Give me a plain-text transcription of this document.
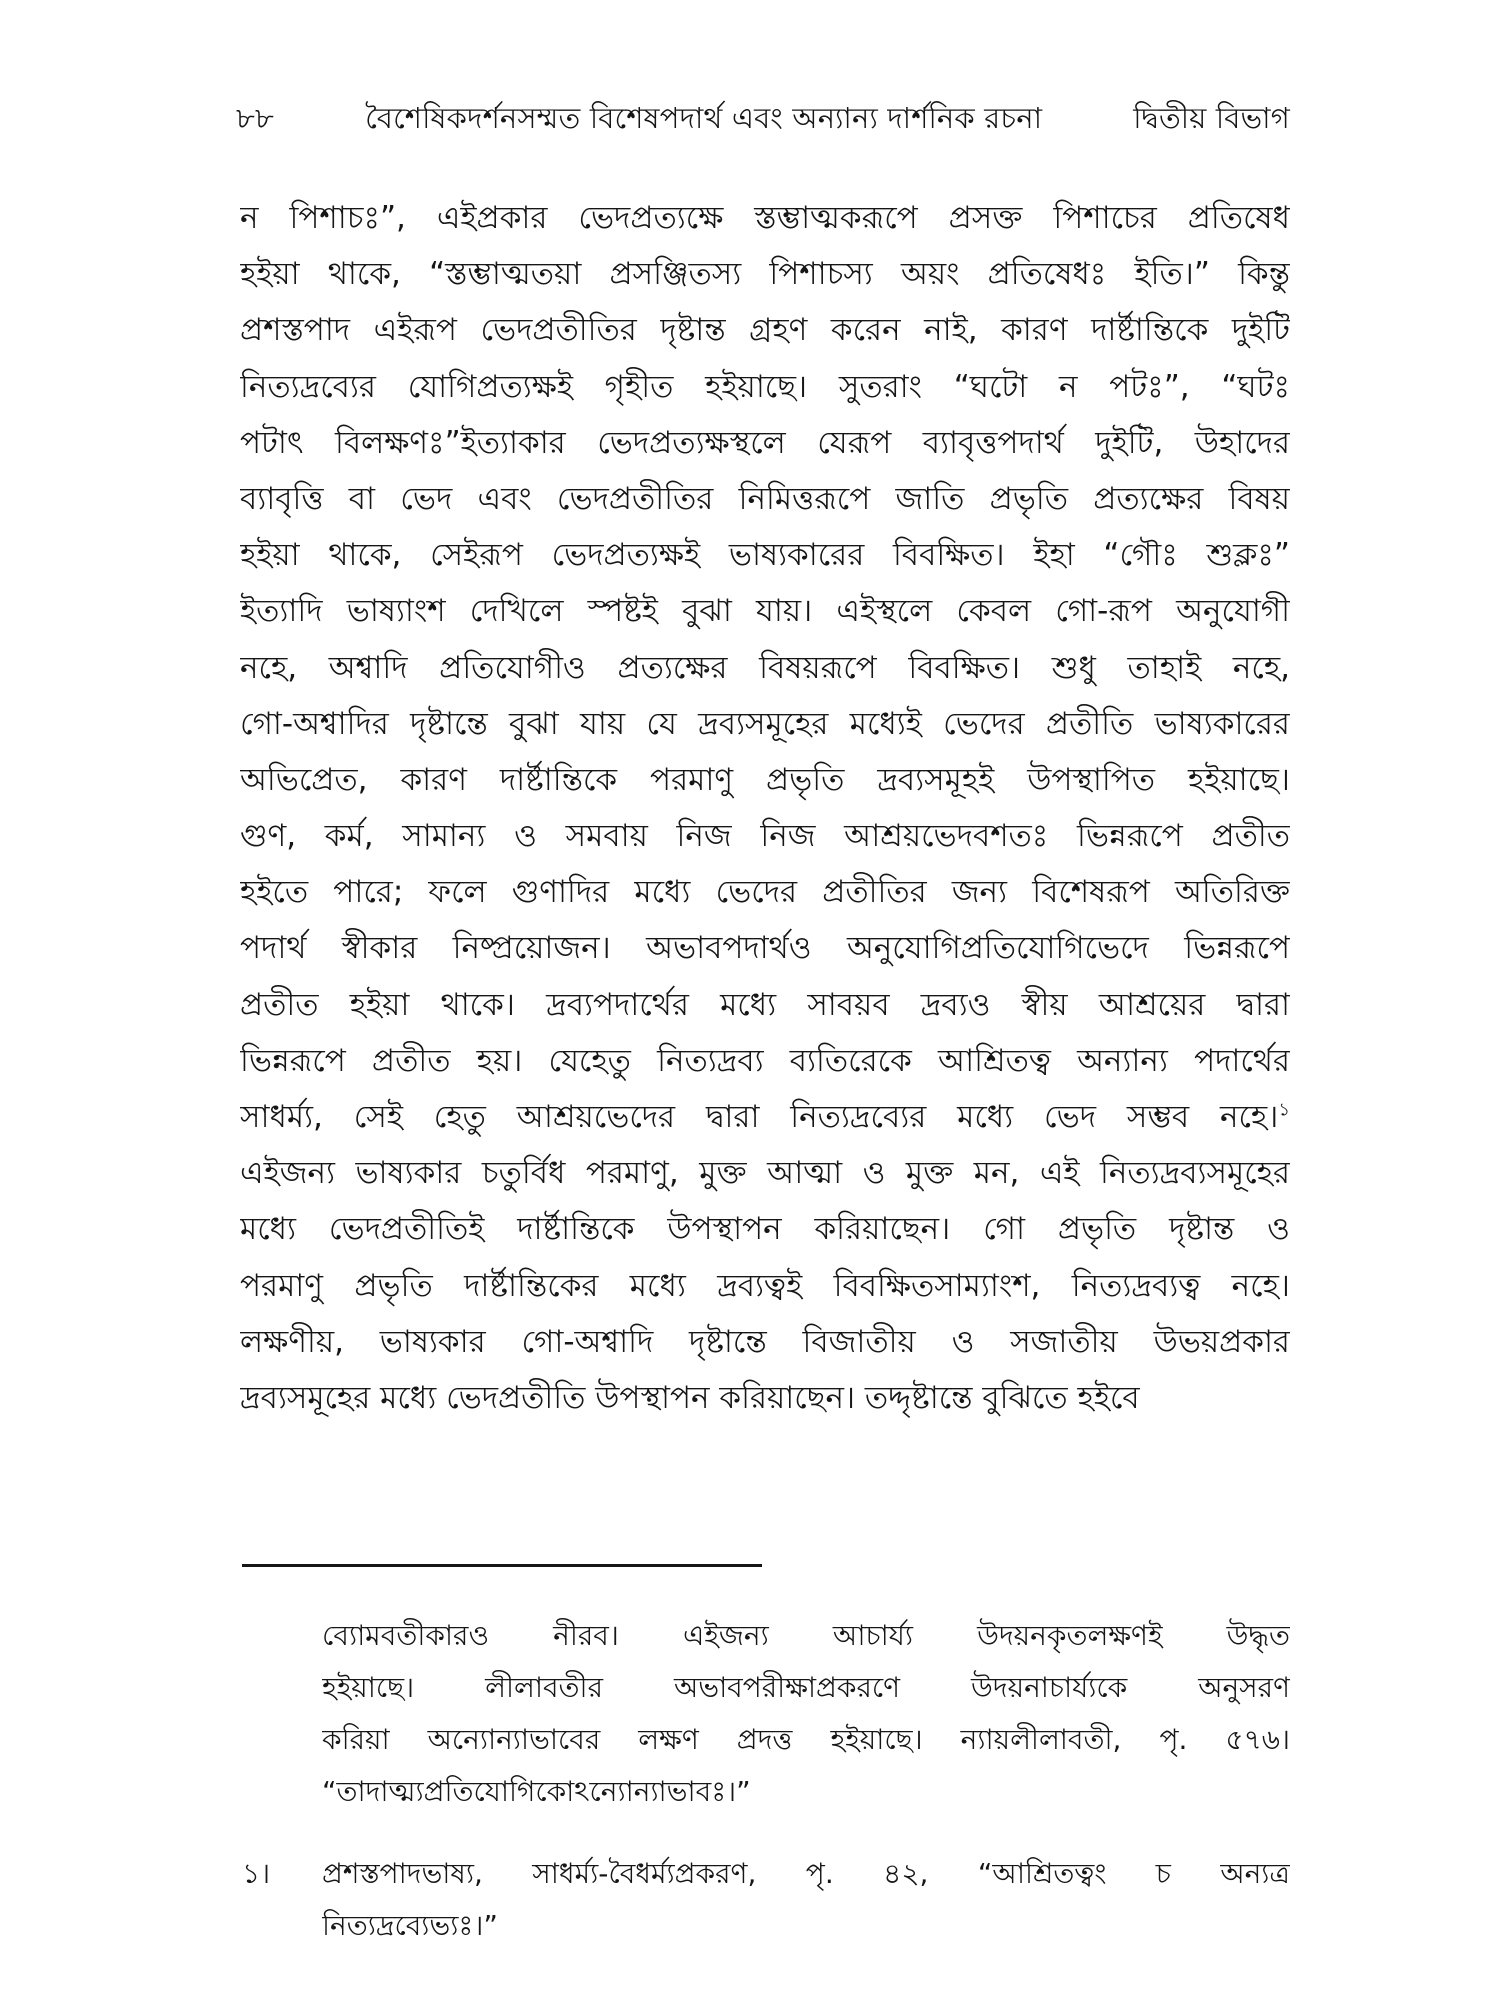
৮৮	বৈশেষিকদর্শনসম্মত বিশেষপদার্থ এবং অন্যান্য দার্শনিক রচনা	দ্বিতীয় বিভাগ
ন পিশাচঃ”, এইপ্রকার ভেদপ্রত্যক্ষে স্তম্ভাত্মকরূপে প্রসক্ত পিশাচের প্রতিষেধ
হইয়া থাকে, “স্তম্ভাত্মতয়া প্রসঞ্জিতস্য পিশাচস্য অয়ং প্রতিষেধঃ ইতি।” কিন্তু
প্রশস্তপাদ এইরূপ ভেদপ্রতীতির দৃষ্টান্ত গ্রহণ করেন নাই, কারণ দার্ষ্টান্তিকে দুইটি
নিত্যদ্রব্যের যোগিপ্রত্যক্ষই গৃহীত হইয়াছে। সুতরাং “ঘটো ন পটঃ”, “ঘটঃ
পটাৎ বিলক্ষণঃ”ইত্যাকার ভেদপ্রত্যক্ষস্থলে যেরূপ ব্যাবৃত্তপদার্থ দুইটি, উহাদের
ব্যাবৃত্তি বা ভেদ এবং ভেদপ্রতীতির নিমিত্তরূপে জাতি প্রভৃতি প্রত্যক্ষের বিষয়
হইয়া থাকে, সেইরূপ ভেদপ্রত্যক্ষই ভাষ্যকারের বিবক্ষিত। ইহা “গৌঃ শুক্লঃ”
ইত্যাদি ভাষ্যাংশ দেখিলে স্পষ্টই বুঝা যায়। এইস্থলে কেবল গো-রূপ অনুযোগী
নহে, অশ্বাদি প্রতিযোগীও প্রত্যক্ষের বিষয়রূপে বিবক্ষিত। শুধু তাহাই নহে,
গো-অশ্বাদির দৃষ্টান্তে বুঝা যায় যে দ্রব্যসমূহের মধ্যেই ভেদের প্রতীতি ভাষ্যকারের
অভিপ্রেত, কারণ দার্ষ্টান্তিকে পরমাণু প্রভৃতি দ্রব্যসমূহই উপস্থাপিত হইয়াছে।
গুণ, কর্ম, সামান্য ও সমবায় নিজ নিজ আশ্রয়ভেদবশতঃ ভিন্নরূপে প্রতীত
হইতে পারে; ফলে গুণাদির মধ্যে ভেদের প্রতীতির জন্য বিশেষরূপ অতিরিক্ত
পদার্থ স্বীকার নিষ্প্রয়োজন। অভাবপদার্থও অনুযোগিপ্রতিযোগিভেদে ভিন্নরূপে
প্রতীত হইয়া থাকে। দ্রব্যপদার্থের মধ্যে সাবয়ব দ্রব্যও স্বীয় আশ্রয়ের দ্বারা
ভিন্নরূপে প্রতীত হয়। যেহেতু নিত্যদ্রব্য ব্যতিরেকে আশ্রিতত্ব অন্যান্য পদার্থের
সাধর্ম্য, সেই হেতু আশ্রয়ভেদের দ্বারা নিত্যদ্রব্যের মধ্যে ভেদ সম্ভব নহে।$^১$
এইজন্য ভাষ্যকার চতুর্বিধ পরমাণু, মুক্ত আত্মা ও মুক্ত মন, এই নিত্যদ্রব্যসমূহের
মধ্যে ভেদপ্রতীতিই দার্ষ্টান্তিকে উপস্থাপন করিয়াছেন। গো প্রভৃতি দৃষ্টান্ত ও
পরমাণু প্রভৃতি দার্ষ্টান্তিকের মধ্যে দ্রব্যত্বই বিবক্ষিতসাম্যাংশ, নিত্যদ্রব্যত্ব নহে।
লক্ষণীয়, ভাষ্যকার গো-অশ্বাদি দৃষ্টান্তে বিজাতীয় ও সজাতীয় উভয়প্রকার
দ্রব্যসমূহের মধ্যে ভেদপ্রতীতি উপস্থাপন করিয়াছেন। তদ্দৃষ্টান্তে বুঝিতে হইবে
ব্যোমবতীকারও নীরব। এইজন্য আচার্য্য উদয়নকৃতলক্ষণই উদ্ধৃত
হইয়াছে। লীলাবতীর অভাবপরীক্ষাপ্রকরণে উদয়নাচার্য্যকে অনুসরণ
করিয়া অন্যোন্যাভাবের লক্ষণ প্রদত্ত হইয়াছে। ন্যায়লীলাবতী, পৃ. ৫৭৬।
“তাদাত্ম্যপ্রতিযোগিকোঽন্যোন্যাভাবঃ।”
১।	প্রশস্তপাদভাষ্য, সাধর্ম্য-বৈধর্ম্যপ্রকরণ, পৃ. ৪২, “আশ্রিতত্বং চ অন্যত্র
নিত্যদ্রব্যেভ্যঃ।”
